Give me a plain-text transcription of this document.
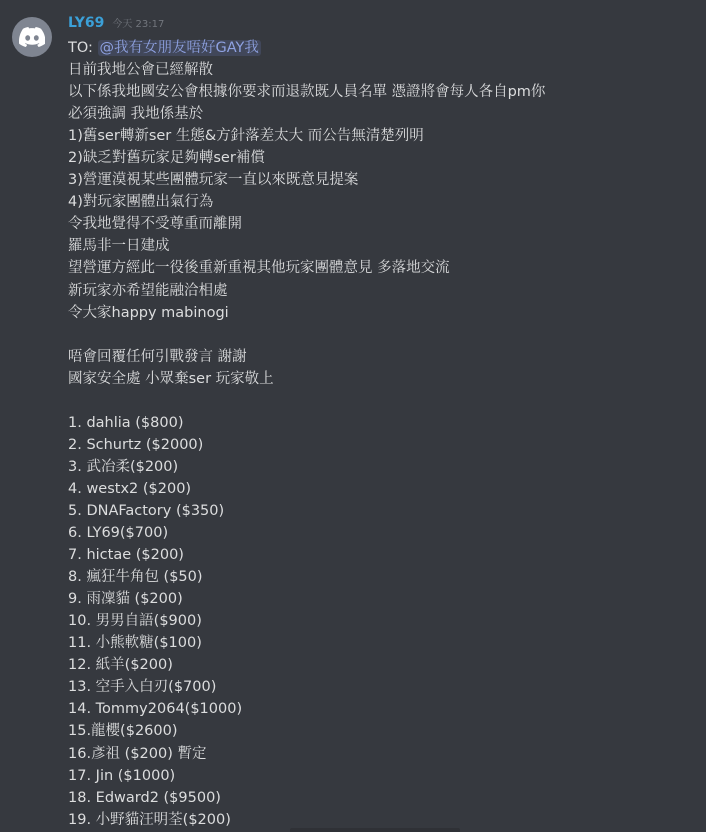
LY69 今天 23:17
TO: @我有女朋友唔好GAY我
日前我地公會已經解散
以下係我地國安公會根據你要求而退款既人員名單 憑證將會每人各自pm你
必須強調 我地係基於
1)舊ser轉新ser 生態&方針落差太大 而公告無清楚列明
2)缺乏對舊玩家足夠轉ser補償
3)營運漠視某些團體玩家一直以來既意見提案
4)對玩家團體出氣行為
令我地覺得不受尊重而離開
羅馬非一日建成
望營運方經此一役後重新重視其他玩家團體意見 多落地交流
新玩家亦希望能融洽相處
令大家happy mabinogi
唔會回覆任何引戰發言 謝謝
國家安全處 小眾棄ser 玩家敬上
1. dahlia ($800)
2. Schurtz ($2000)
3. 武冶柔($200)
4. westx2 ($200)
5. DNAFactory ($350)
6. LY69($700)
7. hictae ($200)
8. 瘋狂牛角包 ($50)
9. 雨凜貓 ($200)
10. 男男自語($900)
11. 小熊軟糖($100)
12. 紙羊($200)
13. 空手入白刃($700)
14. Tommy2064($1000)
15.龍櫻($2600)
16.彥祖 ($200) 暫定
17. Jin ($1000)
18. Edward2 ($9500)
19. 小野貓汪明荃($200)
